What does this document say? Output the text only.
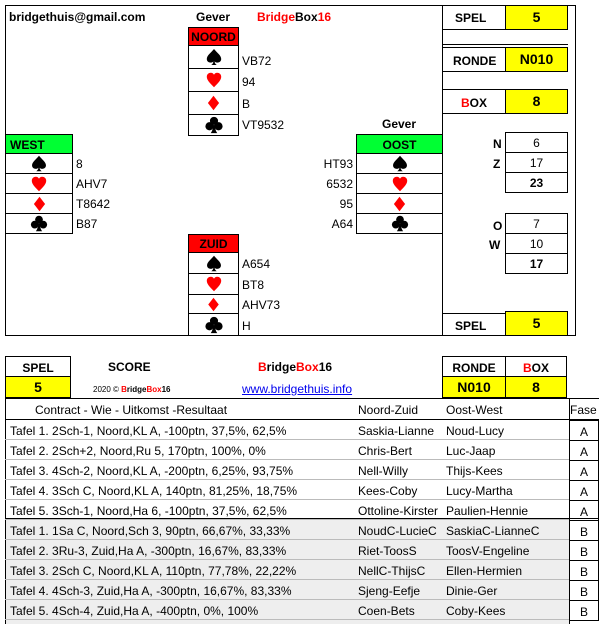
bridgethuis@gmail.com	Gever BridgeBox16	SPEL	5
RONDE	N010
BOX	8
SPEL	5
N	6
Z	17
23
O	7
W	10
17
NOORD
VB72
94
B
VT9532
WEST
8
AHV7
T8642
B87
Gever
OOST
HT93
6532
95
A64
ZUID
A654
BT8
AHV73
H
SPEL	SCORE	BridgeBox16	RONDE	BOX
5	2020 © BridgeBox16	www.bridgethuis.info	N010	8
Contract - Wie - Uitkomst -Resultaat	Noord-Zuid Oost-West	Fase
Tafel 1. 2Sch-1, Noord,KL A, -100ptn, 37,5%, 62,5%	Saskia-Lianne Noud-Lucy	A
Tafel 2. 2Sch+2, Noord,Ru 5, 170ptn, 100%, 0%	Chris-Bert	Luc-Jaap	A
Tafel 3. 4Sch-2, Noord,KL A, -200ptn, 6,25%, 93,75%	Nell-Willy	Thijs-Kees	A
Tafel 4. 3Sch C, Noord,KL A, 140ptn, 81,25%, 18,75%	Kees-Coby Lucy-Martha	A
Tafel 5. 3Sch-1, Noord,Ha 6, -100ptn, 37,5%, 62,5%	Ottoline-Kirster Paulien-Hennie	A
Tafel 1. 1Sa C, Noord,Sch 3, 90ptn, 66,67%, 33,33%	NoudC-LucieC SaskiaC-LianneC	B
Tafel 2. 3Ru-3, Zuid,Ha A, -300ptn, 16,67%, 83,33%	Riet-ToosS ToosV-Engeline	B
Tafel 3. 2Sch C, Noord,KL A, 110ptn, 77,78%, 22,22%	NellC-ThijsC Ellen-Hermien	B
Tafel 4. 4Sch-3, Zuid,Ha A, -300ptn, 16,67%, 83,33%	Sjeng-Eefje Dinie-Ger	B
Tafel 5. 4Sch-4, Zuid,Ha A, -400ptn, 0%, 100%	Coen-Bets	Coby-Kees	B
